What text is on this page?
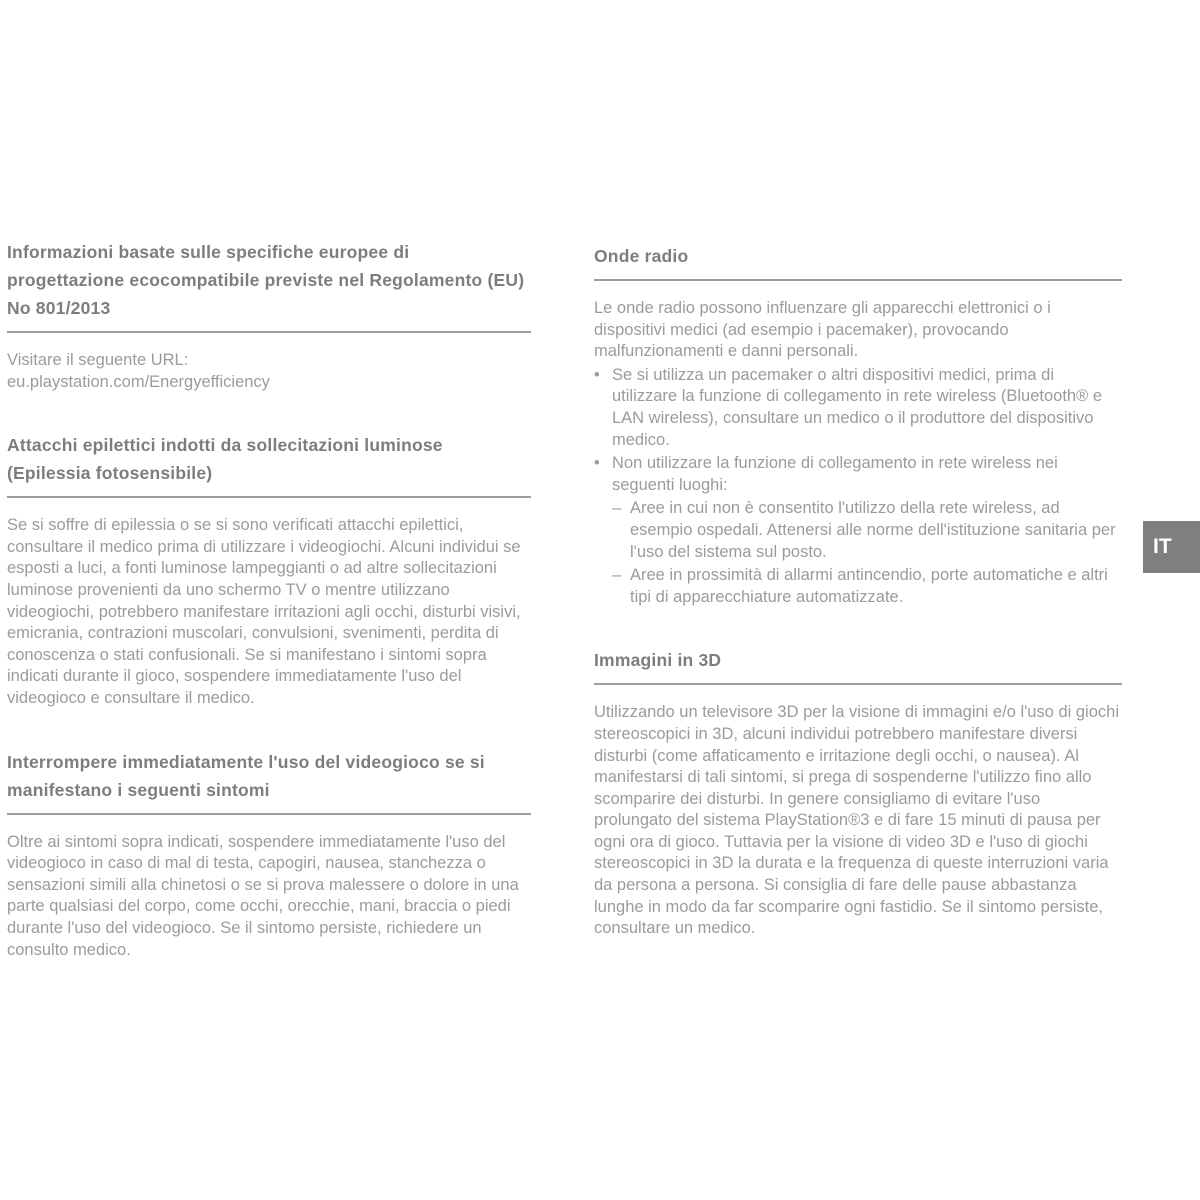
Informazioni basate sulle specifiche europee di progettazione ecocompatibile previste nel Regolamento (EU) No 801/2013

Visitare il seguente URL:

eu.playstation.com/Energyefficiency

Attacchi epilettici indotti da sollecitazioni luminose (Epilessia fotosensibile)

Se si soffre di epilessia o se si sono verificati attacchi epilettici, consultare il medico prima di utilizzare i videogiochi. Alcuni individui se esposti a luci, a fonti luminose lampeggianti o ad altre sollecitazioni luminose provenienti da uno schermo TV o mentre utilizzano videogiochi, potrebbero manifestare irritazioni agli occhi, disturbi visivi, emicrania, contrazioni muscolari, convulsioni, svenimenti, perdita di conoscenza o stati confusionali. Se si manifestano i sintomi sopra indicati durante il gioco, sospendere immediatamente l'uso del videogioco e consultare il medico.

Interrompere immediatamente l'uso del videogioco se si manifestano i seguenti sintomi

Oltre ai sintomi sopra indicati, sospendere immediatamente l'uso del videogioco in caso di mal di testa, capogiri, nausea, stanchezza o sensazioni simili alla chinetosi o se si prova malessere o dolore in una parte qualsiasi del corpo, come occhi, orecchie, mani, braccia o piedi durante l'uso del videogioco. Se il sintomo persiste, richiedere un consulto medico.

Onde radio

Le onde radio possono influenzare gli apparecchi elettronici o i dispositivi medici (ad esempio i pacemaker), provocando malfunzionamenti e danni personali.

• Se si utilizza un pacemaker o altri dispositivi medici, prima di utilizzare la funzione di collegamento in rete wireless (Bluetooth® e LAN wireless), consultare un medico o il produttore del dispositivo medico.
• Non utilizzare la funzione di collegamento in rete wireless nei seguenti luoghi:
– Aree in cui non è consentito l'utilizzo della rete wireless, ad esempio ospedali. Attenersi alle norme dell'istituzione sanitaria per l'uso del sistema sul posto.
– Aree in prossimità di allarmi antincendio, porte automatiche e altri tipi di apparecchiature automatizzate.
Immagini in 3D

Utilizzando un televisore 3D per la visione di immagini e/o l'uso di giochi stereoscopici in 3D, alcuni individui potrebbero manifestare diversi disturbi (come affaticamento e irritazione degli occhi, o nausea). Al manifestarsi di tali sintomi, si prega di sospenderne l'utilizzo fino allo scomparire dei disturbi. In genere consigliamo di evitare l'uso prolungato del sistema PlayStation®3 e di fare 15 minuti di pausa per ogni ora di gioco. Tuttavia per la visione di video 3D e l'uso di giochi stereoscopici in 3D la durata e la frequenza di queste interruzioni varia da persona a persona. Si consiglia di fare delle pause abbastanza lunghe in modo da far scomparire ogni fastidio. Se il sintomo persiste, consultare un medico.

IT
